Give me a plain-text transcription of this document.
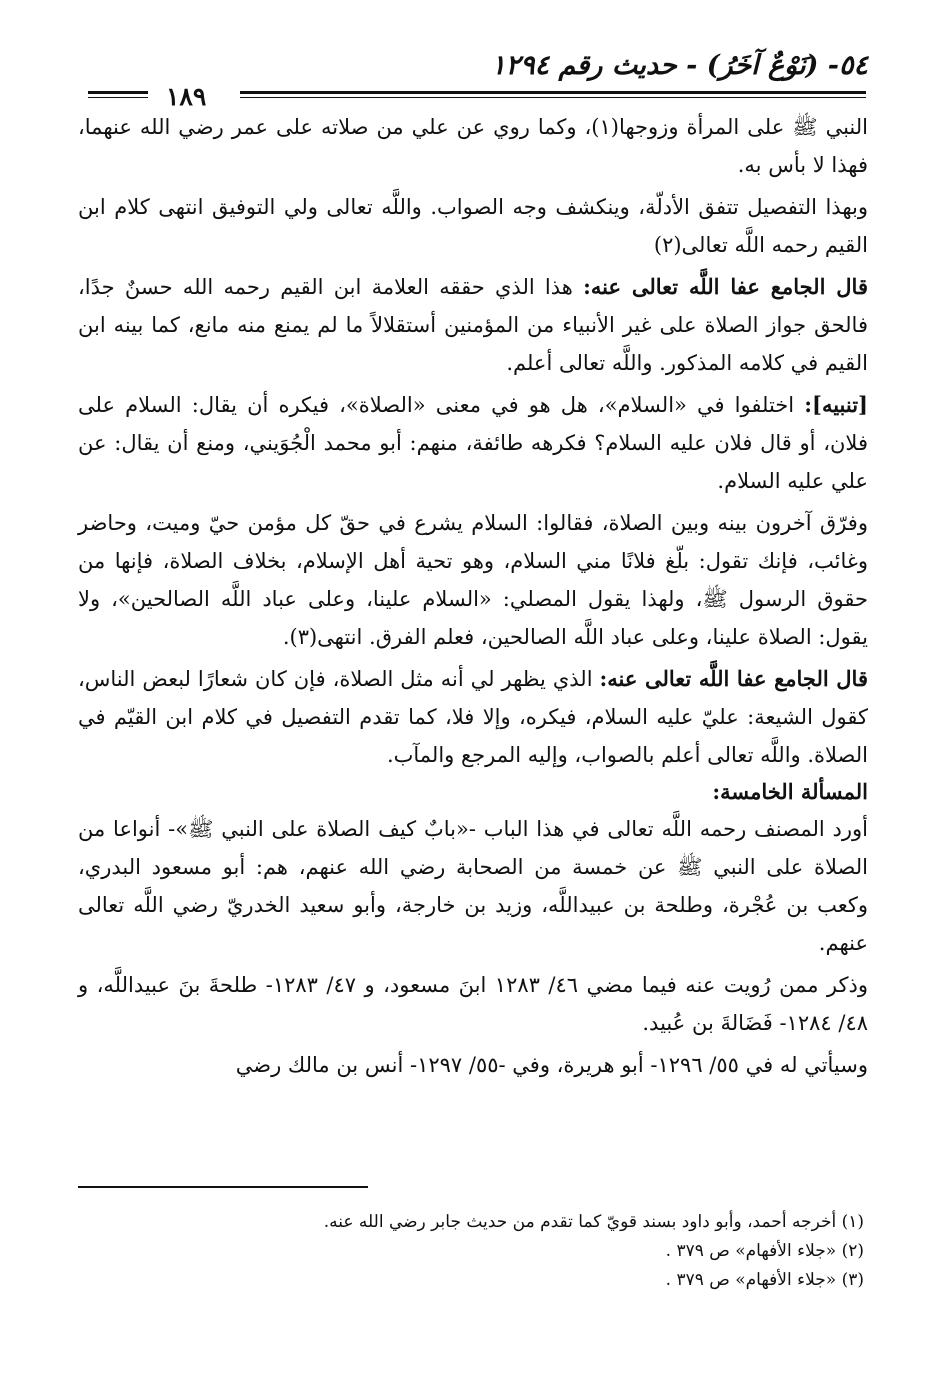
٥٤- (نَوْعٌ آخَرُ) - حديث رقم ١٢٩٤
١٨٩

النبي ﷺ على المرأة وزوجها(١)، وكما روي عن علي من صلاته على عمر رضي الله عنهما، فهذا لا بأس به.

وبهذا التفصيل تتفق الأدلّة، وينكشف وجه الصواب. واللَّه تعالى ولي التوفيق انتهى كلام ابن القيم رحمه اللَّه تعالى(٢)

قال الجامع عفا اللَّه تعالى عنه: هذا الذي حققه العلامة ابن القيم رحمه الله حسنٌ جدًا، فالحق جواز الصلاة على غير الأنبياء من المؤمنين أستقلالاً ما لم يمنع منه مانع، كما بينه ابن القيم في كلامه المذكور. واللَّه تعالى أعلم.

[تنبيه]: اختلفوا في «السلام»، هل هو في معنى «الصلاة»، فيكره أن يقال: السلام على فلان، أو قال فلان عليه السلام؟ فكرهه طائفة، منهم: أبو محمد الْجُوَيني، ومنع أن يقال: عن علي عليه السلام.

وفرّق آخرون بينه وبين الصلاة، فقالوا: السلام يشرع في حقّ كل مؤمن حيّ وميت، وحاضر وغائب، فإنك تقول: بلّغ فلانًا مني السلام، وهو تحية أهل الإسلام، بخلاف الصلاة، فإنها من حقوق الرسول ﷺ، ولهذا يقول المصلي: «السلام علينا، وعلى عباد اللَّه الصالحين»، ولا يقول: الصلاة علينا، وعلى عباد اللَّه الصالحين، فعلم الفرق. انتهى(٣).

قال الجامع عفا اللَّه تعالى عنه: الذي يظهر لي أنه مثل الصلاة، فإن كان شعارًا لبعض الناس، كقول الشيعة: عليّ عليه السلام، فيكره، وإلا فلا، كما تقدم التفصيل في كلام ابن القيّم في الصلاة. واللَّه تعالى أعلم بالصواب، وإليه المرجع والمآب.

المسألة الخامسة:

أورد المصنف رحمه اللَّه تعالى في هذا الباب -«بابٌ كيف الصلاة على النبي ﷺ»- أنواعا من الصلاة على النبي ﷺ عن خمسة من الصحابة رضي الله عنهم، هم: أبو مسعود البدري، وكعب بن عُجْرة، وطلحة بن عبيداللَّه، وزيد بن خارجة، وأبو سعيد الخدريّ رضي اللَّه تعالى عنهم.

وذكر ممن رُويت عنه فيما مضي ٤٦/ ١٢٨٣ ابنَ مسعود، و ٤٧/ ١٢٨٣- طلحةَ بنَ عبيداللَّه، و ٤٨/ ١٢٨٤- فَضَالةَ بن عُبيد.

وسيأتي له في ٥٥/ ١٢٩٦- أبو هريرة، وفي -٥٥/ ١٢٩٧- أنس بن مالك رضي

(١) أخرجه أحمد، وأبو داود بسند قويّ كما تقدم من حديث جابر رضي الله عنه.
(٢) «جلاء الأفهام» ص ٣٧٩ .
(٣) «جلاء الأفهام» ص ٣٧٩ .
